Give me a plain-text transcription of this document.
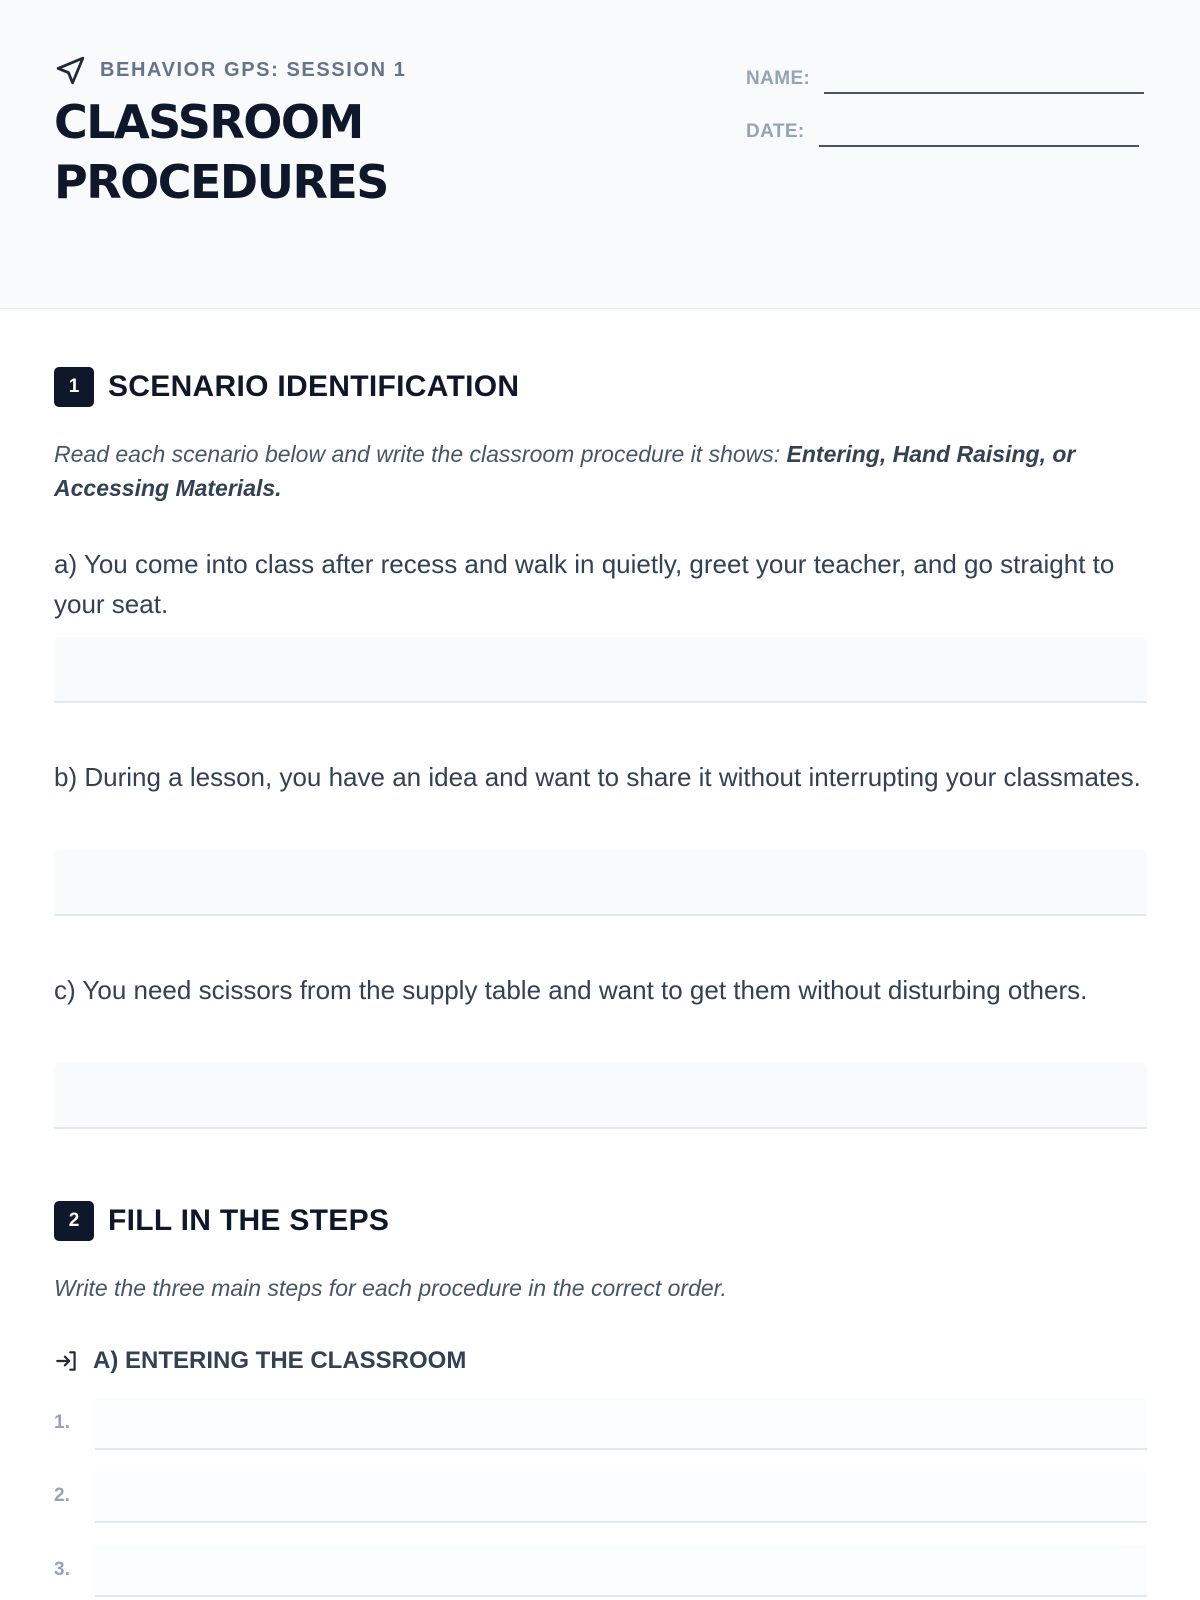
BEHAVIOR GPS: SESSION 1
CLASSROOM
PROCEDURES
NAME:
DATE:
1 SCENARIO IDENTIFICATION
Read each scenario below and write the classroom procedure it shows: Entering, Hand Raising, or Accessing Materials.
a) You come into class after recess and walk in quietly, greet your teacher, and go straight to your seat.
b) During a lesson, you have an idea and want to share it without interrupting your classmates.
c) You need scissors from the supply table and want to get them without disturbing others.
2 FILL IN THE STEPS
Write the three main steps for each procedure in the correct order.
A) ENTERING THE CLASSROOM
1.
2.
3.
